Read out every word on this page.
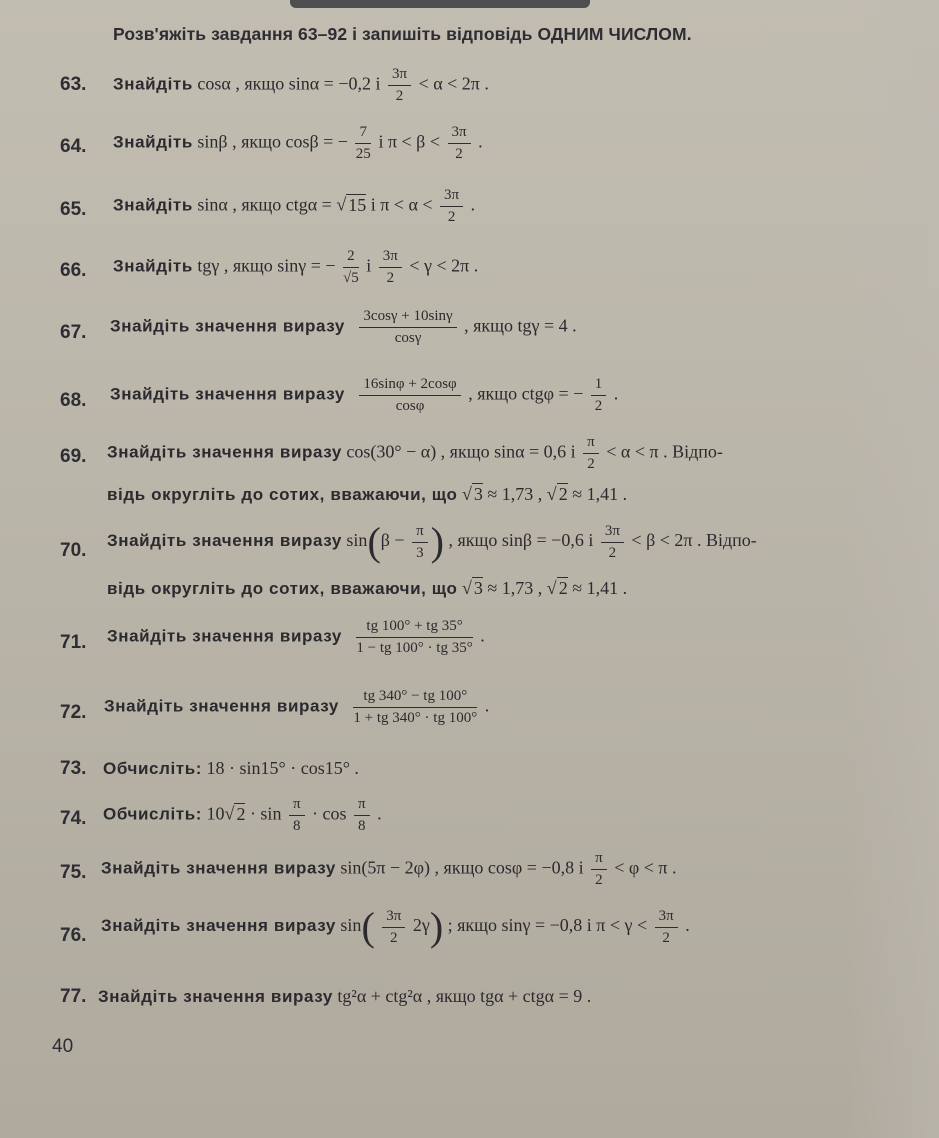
Розв'яжіть завдання 63–92 і запишіть відповідь ОДНИМ ЧИСЛОМ.
63. Знайдіть cosα , якщо sinα = −0,2 і $\frac{3\pi}{2} < \alpha < 2\pi$ .
64. Знайдіть sinβ , якщо cosβ = − $\frac{7}{25}$ і $\pi < \beta < \frac{3\pi}{2}$ .
65. Знайдіть sinα , якщо ctgα = √ 15 і $\pi < \alpha < \frac{3\pi}{2}$ .
66. Знайдіть tgγ , якщо sinγ = − $\frac{2}{√5}$ і $\frac{3\pi}{2} < \gamma < 2\pi$ .
67. Знайдіть значення виразу $\frac{3\cos\gamma + 10\sin\gamma}{\cos\gamma}$ , якщо tgγ = 4 .
68. Знайдіть значення виразу $\frac{16\sin\varphi + 2\cos\varphi}{\cos\varphi}$ , якщо ctgφ = − $\frac{1}{2}$ .
69. Знайдіть значення виразу cos(30° − α) , якщо sinα = 0,6 і $\frac{\pi}{2} < \alpha < \pi$ . Відпо-
відь округліть до сотих, вважаючи, що √ 3 ≈ 1,73 , √ 2 ≈ 1,41 .
70. Знайдіть значення виразу $\sin(\beta - \frac{\pi}{3}$ ) , якщо sinβ = −0,6 і $\frac{3\pi}{2} < \beta < 2\pi$ . Відпо-
відь округліть до сотих, вважаючи, що √ 3 ≈ 1,73 , √ 2 ≈ 1,41 .
71. Знайдіть значення виразу $\frac{tg 100^\circ + tg 35^\circ}{1 - tg 100^\circ \cdot tg 35^\circ}$ .
72. Знайдіть значення виразу $\frac{tg 340^\circ - tg 100^\circ}{1 + tg 340^\circ \cdot tg 100^\circ}$ .
73. Обчисліть: 18 · sin15° · cos15° .
74. Обчисліть: 10√ $2 \cdot \sin \frac{\pi}{8} \cdot \cos \frac{\pi}{8}$ .
75. Знайдіть значення виразу sin(5π − 2φ) , якщо cosφ = −0,8 і $\frac{\pi}{2} < \varphi < \pi$ .
76. Знайдіть значення виразу $\sin( \frac{3\pi}{2} 2\gamma)$ ; якщо sinγ = −0,8 і $\pi < \gamma < \frac{3\pi}{2}$ .
77. Знайдіть значення виразу tg²α + ctg²α , якщо tgα + ctgα = 9 .
40
